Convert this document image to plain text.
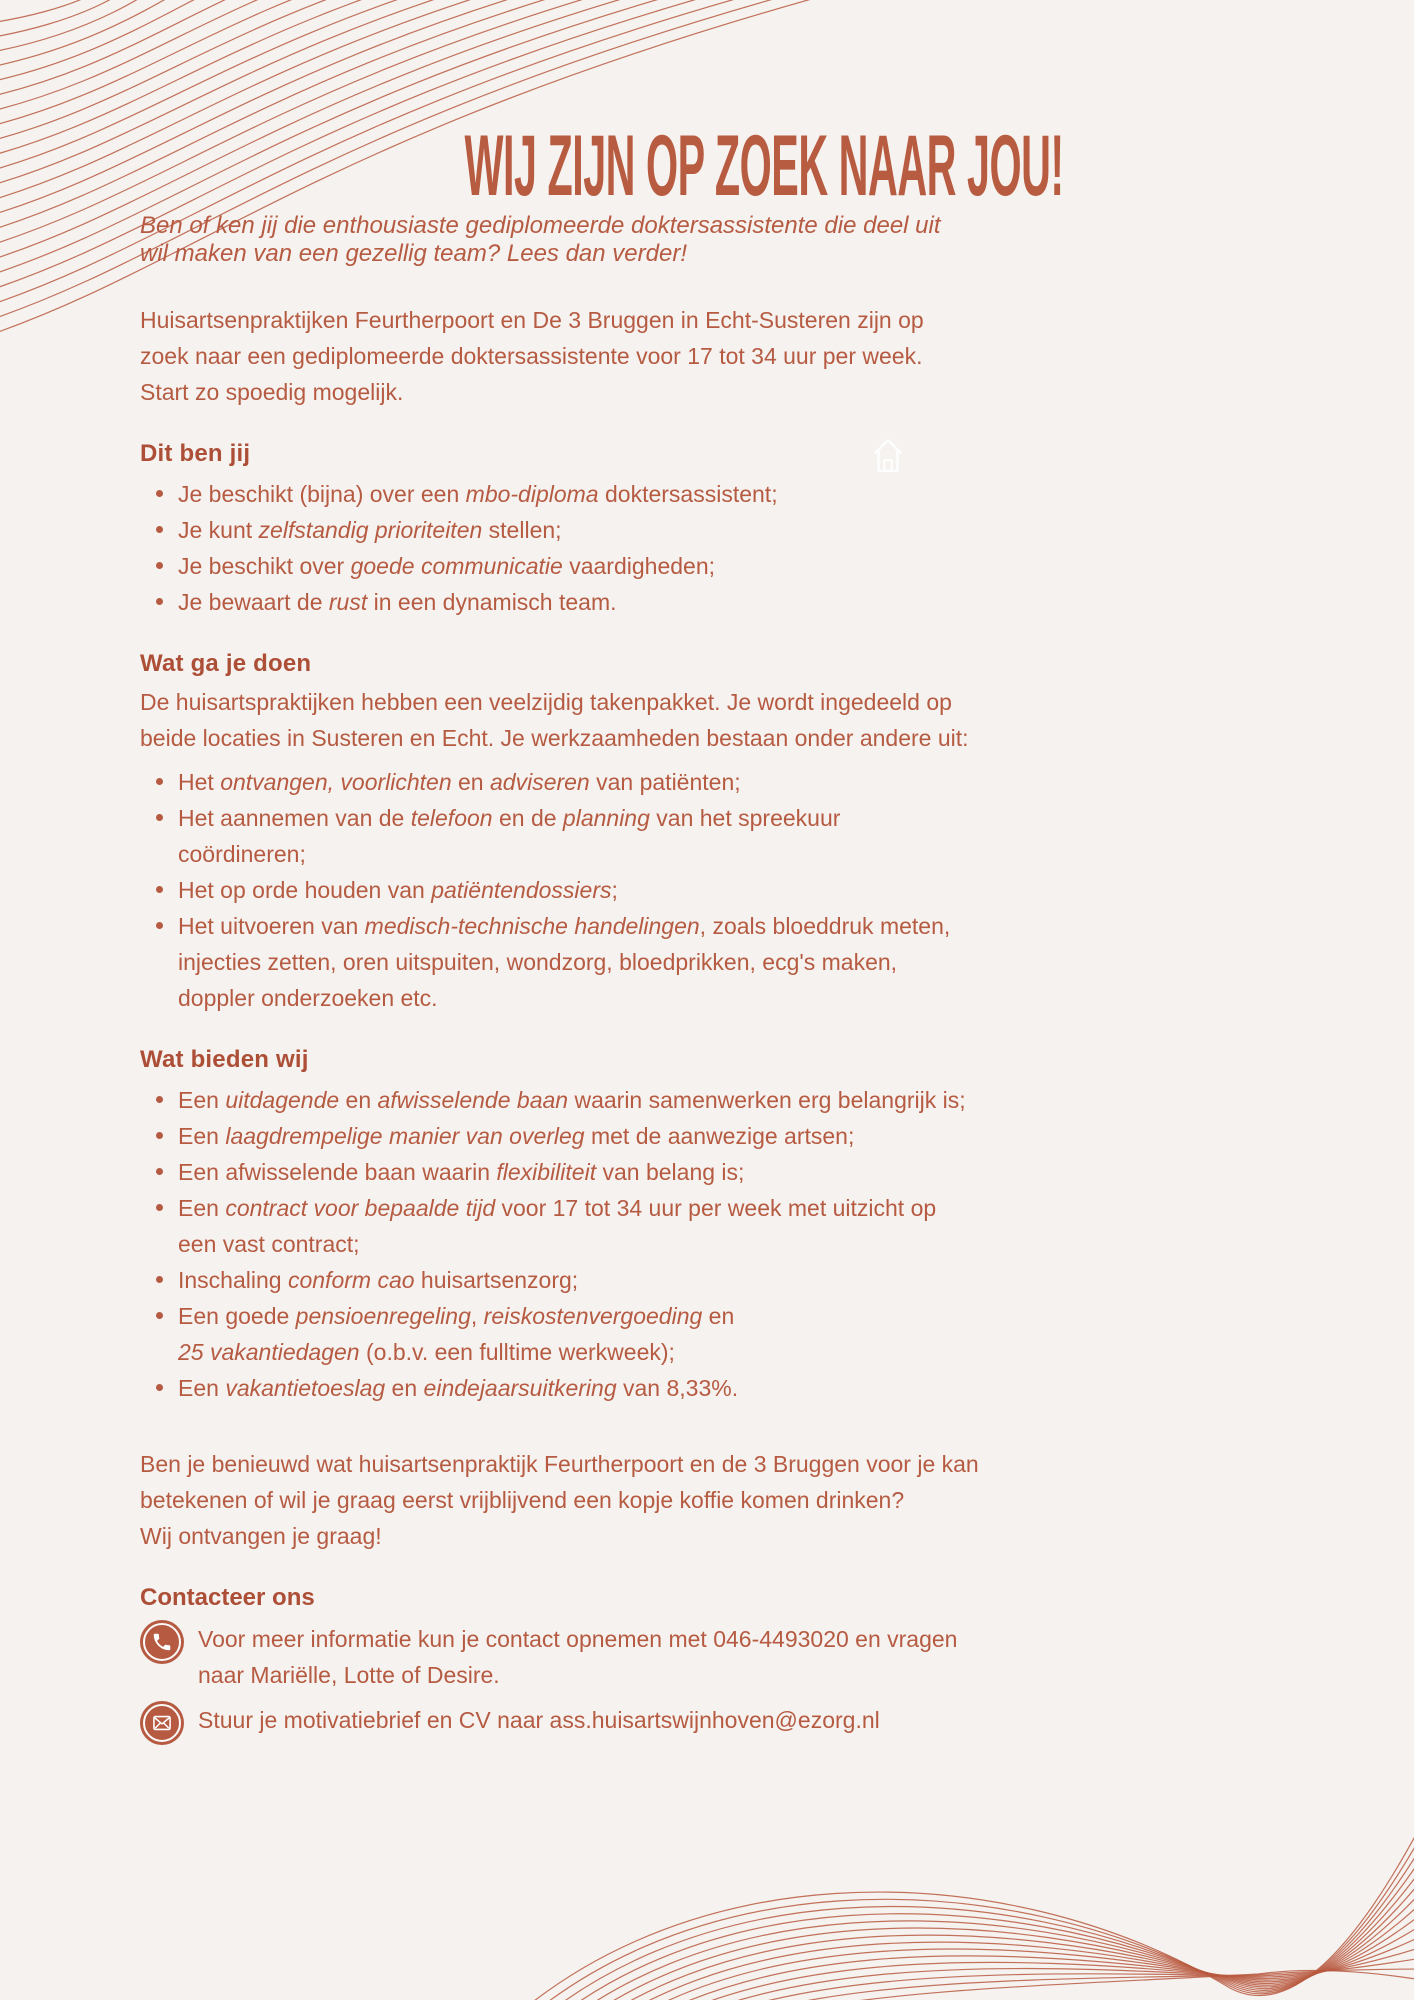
WIJ ZIJN OP ZOEK NAAR JOU!

Ben of ken jij die enthousiaste gediplomeerde doktersassistente die deel uit
wil maken van een gezellig team? Lees dan verder!

Huisartsenpraktijken Feurtherpoort en De 3 Bruggen in Echt-Susteren zijn op
zoek naar een gediplomeerde doktersassistente voor 17 tot 34 uur per week.
Start zo spoedig mogelijk.

Dit ben jij
Je beschikt (bijna) over een mbo-diploma doktersassistent;
Je kunt zelfstandig prioriteiten stellen;
Je beschikt over goede communicatie vaardigheden;
Je bewaart de rust in een dynamisch team.
Wat ga je doen

De huisartspraktijken hebben een veelzijdig takenpakket. Je wordt ingedeeld op
beide locaties in Susteren en Echt. Je werkzaamheden bestaan onder andere uit:

Het ontvangen, voorlichten en adviseren van patiënten;
Het aannemen van de telefoon en de planning van het spreekuur
coördineren;
Het op orde houden van patiëntendossiers;
Het uitvoeren van medisch-technische handelingen, zoals bloeddruk meten,
injecties zetten, oren uitspuiten, wondzorg, bloedprikken, ecg's maken,
doppler onderzoeken etc.
Wat bieden wij
Een uitdagende en afwisselende baan waarin samenwerken erg belangrijk is;
Een laagdrempelige manier van overleg met de aanwezige artsen;
Een afwisselende baan waarin flexibiliteit van belang is;
Een contract voor bepaalde tijd voor 17 tot 34 uur per week met uitzicht op
een vast contract;
Inschaling conform cao huisartsenzorg;
Een goede pensioenregeling, reiskostenvergoeding en
25 vakantiedagen (o.b.v. een fulltime werkweek);
Een vakantietoeslag en eindejaarsuitkering van 8,33%.

Ben je benieuwd wat huisartsenpraktijk Feurtherpoort en de 3 Bruggen voor je kan
betekenen of wil je graag eerst vrijblijvend een kopje koffie komen drinken?
Wij ontvangen je graag!

Contacteer ons
Voor meer informatie kun je contact opnemen met 046-4493020 en vragen
naar Mariëlle, Lotte of Desire.
Stuur je motivatiebrief en CV naar ass.huisartswijnhoven@ezorg.nl
